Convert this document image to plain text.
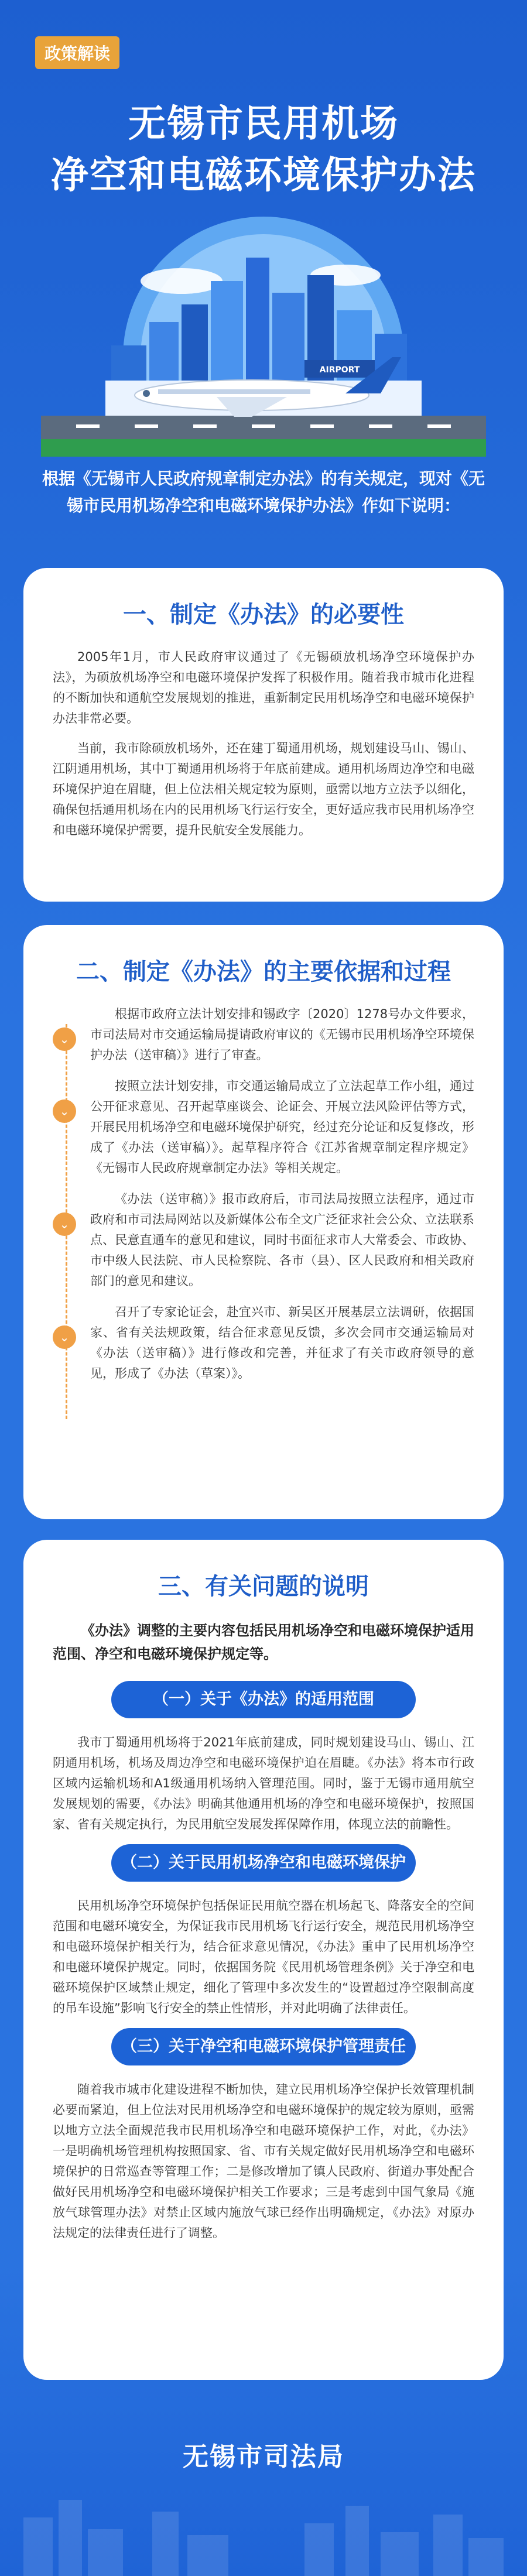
政策解读
无锡市民用机场
净空和电磁环境保护办法
AIRPORT
根据《无锡市人民政府规章制定办法》的有关规定，现对《无锡市民用机场净空和电磁环境保护办法》作如下说明：
一、制定《办法》的必要性

2005年1月，市人民政府审议通过了《无锡硕放机场净空环境保护办法》，为硕放机场净空和电磁环境保护发挥了积极作用。随着我市城市化进程的不断加快和通航空发展规划的推进，重新制定民用机场净空和电磁环境保护办法非常必要。

当前，我市除硕放机场外，还在建丁蜀通用机场，规划建设马山、锡山、江阴通用机场，其中丁蜀通用机场将于年底前建成。通用机场周边净空和电磁环境保护迫在眉睫，但上位法相关规定较为原则，亟需以地方立法予以细化，确保包括通用机场在内的民用机场飞行运行安全，更好适应我市民用机场净空和电磁环境保护需要，提升民航安全发展能力。

二、制定《办法》的主要依据和过程
⌄

根据市政府立法计划安排和锡政字〔2020〕1278号办文件要求，市司法局对市交通运输局提请政府审议的《无锡市民用机场净空环境保护办法（送审稿）》进行了审查。

⌄

按照立法计划安排，市交通运输局成立了立法起草工作小组，通过公开征求意见、召开起草座谈会、论证会、开展立法风险评估等方式，开展民用机场净空和电磁环境保护研究，经过充分论证和反复修改，形成了《办法（送审稿）》。起草程序符合《江苏省规章制定程序规定》《无锡市人民政府规章制定办法》等相关规定。

⌄

《办法（送审稿）》报市政府后，市司法局按照立法程序，通过市政府和市司法局网站以及新媒体公布全文广泛征求社会公众、立法联系点、民意直通车的意见和建议，同时书面征求市人大常委会、市政协、市中级人民法院、市人民检察院、各市（县）、区人民政府和相关政府部门的意见和建议。

⌄

召开了专家论证会，赴宜兴市、新吴区开展基层立法调研，依据国家、省有关法规政策，结合征求意见反馈，多次会同市交通运输局对《办法（送审稿）》进行修改和完善，并征求了有关市政府领导的意见，形成了《办法（草案）》。

三、有关问题的说明

《办法》调整的主要内容包括民用机场净空和电磁环境保护适用范围、净空和电磁环境保护规定等。

（一）关于《办法》的适用范围

我市丁蜀通用机场将于2021年底前建成，同时规划建设马山、锡山、江阴通用机场，机场及周边净空和电磁环境保护迫在眉睫。《办法》将本市行政区域内运输机场和A1级通用机场纳入管理范围。同时，鉴于无锡市通用航空发展规划的需要，《办法》明确其他通用机场的净空和电磁环境保护，按照国家、省有关规定执行，为民用航空发展发挥保障作用，体现立法的前瞻性。

（二）关于民用机场净空和电磁环境保护

民用机场净空环境保护包括保证民用航空器在机场起飞、降落安全的空间范围和电磁环境安全，为保证我市民用机场飞行运行安全，规范民用机场净空和电磁环境保护相关行为，结合征求意见情况，《办法》重申了民用机场净空和电磁环境保护规定。同时，依据国务院《民用机场管理条例》关于净空和电磁环境保护区域禁止规定，细化了管理中多次发生的“设置超过净空限制高度的吊车设施”影响飞行安全的禁止性情形，并对此明确了法律责任。

（三）关于净空和电磁环境保护管理责任

随着我市城市化建设进程不断加快，建立民用机场净空保护长效管理机制必要而紧迫，但上位法对民用机场净空和电磁环境保护的规定较为原则，亟需以地方立法全面规范我市民用机场净空和电磁环境保护工作，对此，《办法》一是明确机场管理机构按照国家、省、市有关规定做好民用机场净空和电磁环境保护的日常巡查等管理工作；二是修改增加了镇人民政府、街道办事处配合做好民用机场净空和电磁环境保护相关工作要求；三是考虑到中国气象局《施放气球管理办法》对禁止区域内施放气球已经作出明确规定，《办法》对原办法规定的法律责任进行了调整。

无锡市司法局
